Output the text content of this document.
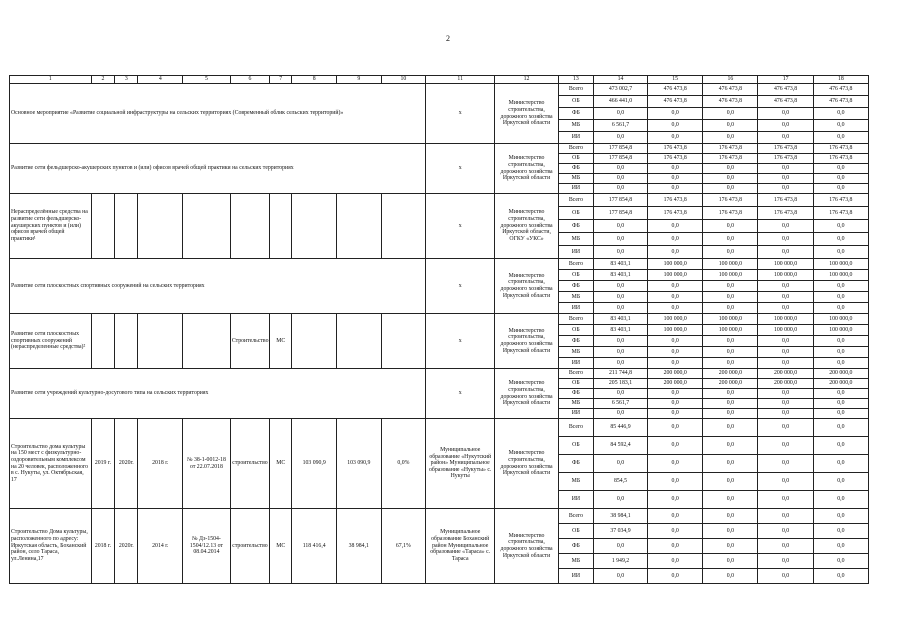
2
1	2	3	4	5	6	7	8	9	10	11	12	13	14	15	16	17	18
Основное мероприятие «Развитие социальной инфраструктуры на сельских территориях (Современный облик сельских территорий)»										х	Министерство строительства, дорожного хозяйства Иркутской области	Всего	473 002,7	476 473,8	476 473,8	476 473,8	476 473,8
												ОБ	466 441,0	476 473,8	476 473,8	476 473,8	476 473,8
												ФБ	0,0	0,0	0,0	0,0	0,0
												МБ	6 561,7	0,0	0,0	0,0	0,0
												ИИ	0,0	0,0	0,0	0,0	0,0
Развитие сети фельдшерско-акушерских пунктов и (или) офисов врачей общей практики на сельских территориях										х	Министерство строительства, дорожного хозяйства Иркутской области	Всего	177 854,8	176 473,8	176 473,8	176 473,8	176 473,8
												ОБ	177 854,8	176 473,8	176 473,8	176 473,8	176 473,8
												ФБ	0,0	0,0	0,0	0,0	0,0
												МБ	0,0	0,0	0,0	0,0	0,0
												ИИ	0,0	0,0	0,0	0,0	0,0
Нераспределённые средства на развитие сети фельдшерско-акушерских пунктов и (или) офисов врачей общей практики¹										х	Министерство строительства, дорожного хозяйства Иркутской области, ОГКУ «УКС»	Всего	177 854,8	176 473,8	176 473,8	176 473,8	176 473,8
												ОБ	177 854,8	176 473,8	176 473,8	176 473,8	176 473,8
												ФБ	0,0	0,0	0,0	0,0	0,0
												МБ	0,0	0,0	0,0	0,0	0,0
												ИИ	0,0	0,0	0,0	0,0	0,0
Развитие сети плоскостных спортивных сооружений на сельских территориях										х	Министерство строительства, дорожного хозяйства Иркутской области	Всего	83 403,1	100 000,0	100 000,0	100 000,0	100 000,0
												ОБ	83 403,1	100 000,0	100 000,0	100 000,0	100 000,0
												ФБ	0,0	0,0	0,0	0,0	0,0
												МБ	0,0	0,0	0,0	0,0	0,0
												ИИ	0,0	0,0	0,0	0,0	0,0
Развитие сети плоскостных спортивных сооружений (нераспределенные средства)²					Строительство	МС				х	Министерство строительства, дорожного хозяйства Иркутской области	Всего	83 403,1	100 000,0	100 000,0	100 000,0	100 000,0
												ОБ	83 403,1	100 000,0	100 000,0	100 000,0	100 000,0
												ФБ	0,0	0,0	0,0	0,0	0,0
												МБ	0,0	0,0	0,0	0,0	0,0
												ИИ	0,0	0,0	0,0	0,0	0,0
Развитие сети учреждений культурно-досугового типа на сельских территориях										х	Министерство строительства, дорожного хозяйства Иркутской области	Всего	211 744,8	200 000,0	200 000,0	200 000,0	200 000,0
												ОБ	205 183,1	200 000,0	200 000,0	200 000,0	200 000,0
												ФБ	0,0	0,0	0,0	0,0	0,0
												МБ	6 561,7	0,0	0,0	0,0	0,0
												ИИ	0,0	0,0	0,0	0,0	0,0
Строительство дома культуры на 150 мест с физкультурно-оздоровительным комплексом на 20 человек, расположенного в с. Нукуты, ул. Октябрьская, 17	2019 г.	2020г.	2018 г.	№ 38-1-0012-18 от 22.07.2018	строительство	МС	103 090,9	103 090,9	0,0%	Муниципальное образование «Нукутский район» Муниципальное образование «Нукуты» с. Нукуты	Министерство строительства, дорожного хозяйства Иркутской области	Всего	85 446,9	0,0	0,0	0,0	0,0
												ОБ	84 592,4	0,0	0,0	0,0	0,0
												ФБ	0,0	0,0	0,0	0,0	0,0
												МБ	854,5	0,0	0,0	0,0	0,0
												ИИ	0,0	0,0	0,0	0,0	0,0
Строительство Дома культуры, расположенного по адресу: Иркутская область, Боханский район, село Тараса, ул.Ленина,17	2018 г.	2020г.	2014 г.	№ Дз-1504-1504/12.13 от 08.04.2014	строительство	МС	118 416,4	38 984,1	67,1%	Муниципальное образование Боханский район Муниципальное образование «Тараса» с. Тараса	Министерство строительства, дорожного хозяйства Иркутской области	Всего	38 984,1	0,0	0,0	0,0	0,0
												ОБ	37 034,9	0,0	0,0	0,0	0,0
												ФБ	0,0	0,0	0,0	0,0	0,0
												МБ	1 949,2	0,0	0,0	0,0	0,0
												ИИ	0,0	0,0	0,0	0,0	0,0
